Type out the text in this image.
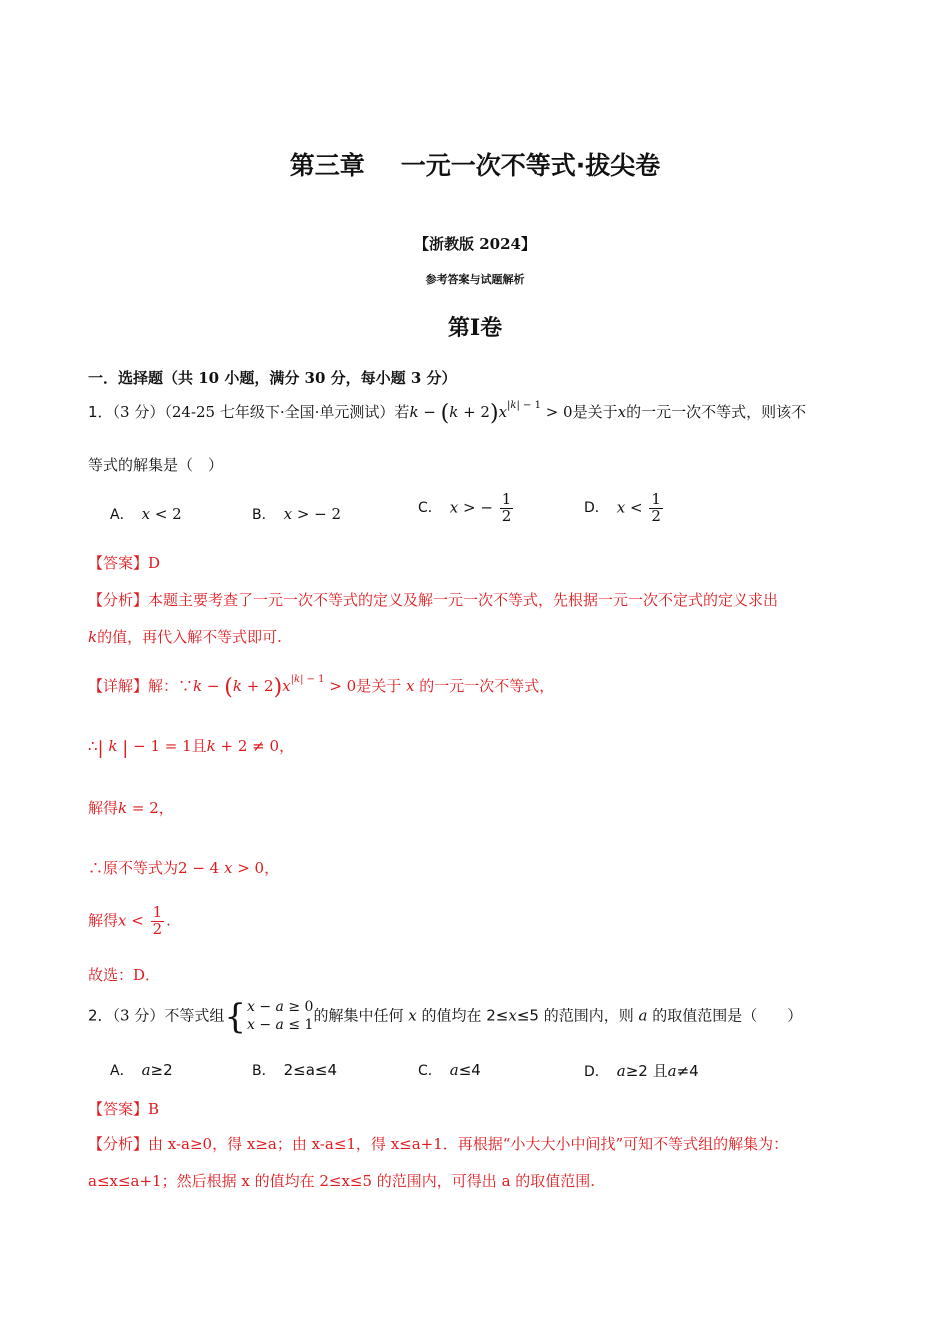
第三章 一元一次不等式·拔尖卷
【浙教版 2024】
参考答案与试题解析
第Ⅰ卷
一．选择题（共 10 小题，满分 30 分，每小题 3 分）
1．（3 分）（24-25 七年级下·全国·单元测试）若$k - (k + 2)x^{|k| - 1} > 0$是关于x的一元一次不等式，则该不
等式的解集是（　）
A． x < 2	B． x > − 2	C． x > − $\frac{1}{2}$	D． $x < \frac{1}{2}$
【答案】D
【分析】本题主要考查了一元一次不等式的定义及解一元一次不等式，先根据一元一次不定式的定义求出
k的值，再代入解不等式即可.
【详解】解：∵k − $(k + 2)x^{|k| - 1} > 0$是关于 x 的一元一次不等式，
∴| k | − 1 = 1且k + 2 ≠ 0，
解得k = 2，
∴原不等式为2 − 4 x > 0，
解得$x < \frac{1}{2}$ .
故选：D．
2．（3 分）不等式组 { x − a ≥ 0
x − a ≤ 1 的解集中任何 x 的值均在 2≤x≤5 的范围内，则 a 的取值范围是（　　）
A． a≥2	B． 2≤a≤4	C． a≤4	D． a≥2 且a≠4
【答案】B
【分析】由 x-a≥0，得 x≥a；由 x-a≤1，得 x≤a+1．再根据“小大大小中间找”可知不等式组的解集为：
a≤x≤a+1；然后根据 x 的值均在 2≤x≤5 的范围内，可得出 a 的取值范围.
